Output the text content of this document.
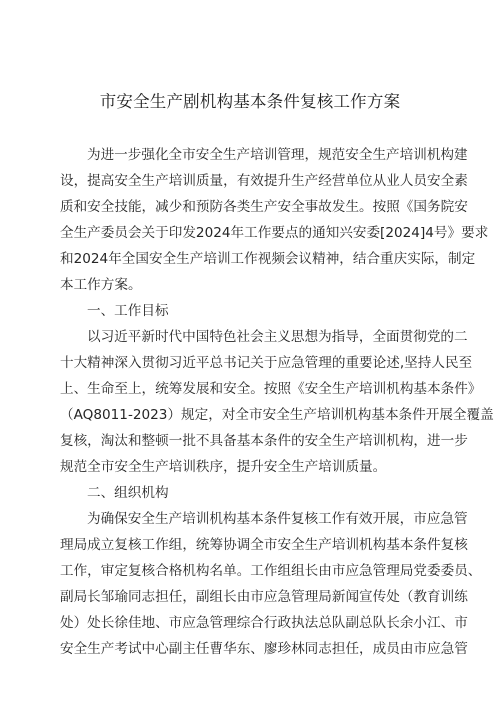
市安全生产剧机构基本条件复核工作方案

为进一步强化全市安全生产培训管理，规范安全生产培训机构建
设，提高安全生产培训质量，有效提升生产经营单位从业人员安全素
质和安全技能，减少和预防各类生产安全事故发生。按照《国务院安
全生产委员会关于印发2024年工作要点的通知兴安委[2024]4号》要求
和2024年全国安全生产培训工作视频会议精神，结合重庆实际，制定
本工作方案。

一、工作目标

以习近平新时代中国特色社会主义思想为指导，全面贯彻党的二
十大精神深入贯彻习近平总书记关于应急管理的重要论述,坚持人民至
上、生命至上，统筹发展和安全。按照《安全生产培训机构基本条件》
（AQ8011-2023）规定，对全市安全生产培训机构基本条件开展全覆盖
复核，淘汰和整顿一批不具备基本条件的安全生产培训机构，进一步
规范全市安全生产培训秩序，提升安全生产培训质量。

二、组织机构

为确保安全生产培训机构基本条件复核工作有效开展，市应急管
理局成立复核工作组，统筹协调全市安全生产培训机构基本条件复核
工作，审定复核合格机构名单。工作组组长由市应急管理局党委委员、
副局长邹瑜同志担任，副组长由市应急管理局新闻宣传处（教育训练
处）处长徐佳地、市应急管理综合行政执法总队副总队长余小江、市
安全生产考试中心副主任曹华东、廖珍林同志担任，成员由市应急管
